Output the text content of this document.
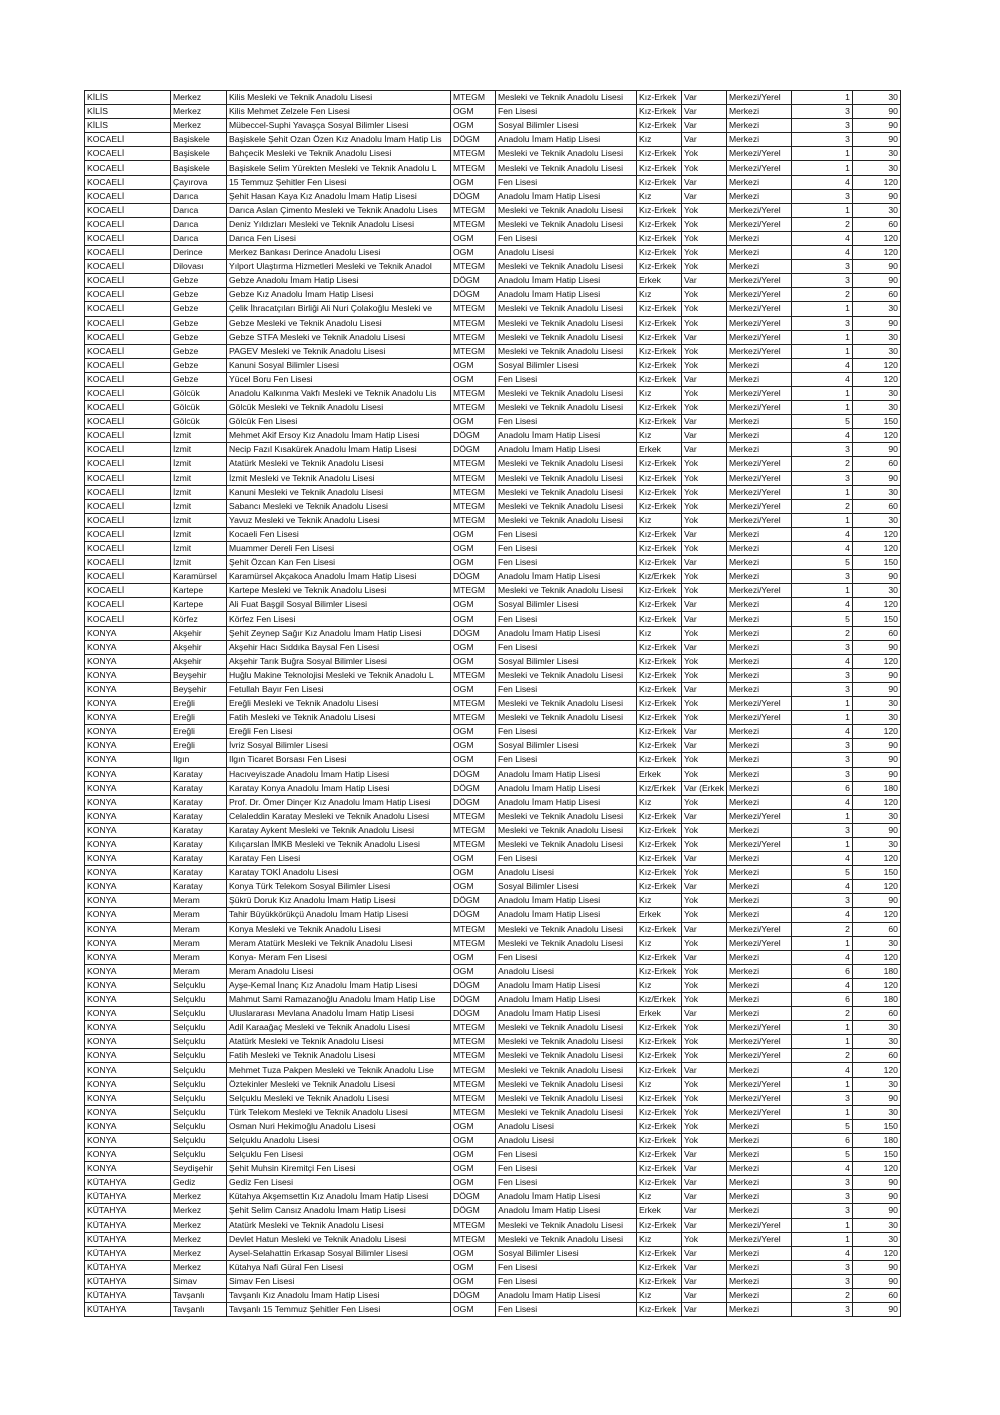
KİLİS	Merkez	Kilis Mesleki ve Teknik Anadolu Lisesi	MTEGM	Mesleki ve Teknik Anadolu Lisesi	Kız-Erkek	Var	Merkezi/Yerel	1	30
KİLİS	Merkez	Kilis Mehmet Zelzele Fen Lisesi	OGM	Fen Lisesi	Kız-Erkek	Var	Merkezi	3	90
KİLİS	Merkez	Mübeccel-Suphi Yavaşça Sosyal Bilimler Lisesi	OGM	Sosyal Bilimler Lisesi	Kız-Erkek	Var	Merkezi	3	90
KOCAELİ	Başiskele	Başiskele Şehit Ozan Özen Kız Anadolu İmam Hatip Lis	DÖGM	Anadolu İmam Hatip Lisesi	Kız	Var	Merkezi	3	90
KOCAELİ	Başiskele	Bahçecik Mesleki ve Teknik Anadolu Lisesi	MTEGM	Mesleki ve Teknik Anadolu Lisesi	Kız-Erkek	Yok	Merkezi/Yerel	1	30
KOCAELİ	Başiskele	Başiskele Selim Yürekten Mesleki ve Teknik Anadolu L	MTEGM	Mesleki ve Teknik Anadolu Lisesi	Kız-Erkek	Yok	Merkezi/Yerel	1	30
KOCAELİ	Çayırova	15 Temmuz Şehitler Fen Lisesi	OGM	Fen Lisesi	Kız-Erkek	Var	Merkezi	4	120
KOCAELİ	Darıca	Şehit Hasan Kaya Kız Anadolu İmam Hatip Lisesi	DÖGM	Anadolu İmam Hatip Lisesi	Kız	Var	Merkezi	3	90
KOCAELİ	Darıca	Darıca Aslan Çimento Mesleki ve Teknik Anadolu Lises	MTEGM	Mesleki ve Teknik Anadolu Lisesi	Kız-Erkek	Yok	Merkezi/Yerel	1	30
KOCAELİ	Darıca	Deniz Yıldızları Mesleki ve Teknik Anadolu Lisesi	MTEGM	Mesleki ve Teknik Anadolu Lisesi	Kız-Erkek	Yok	Merkezi/Yerel	2	60
KOCAELİ	Darıca	Darıca Fen Lisesi	OGM	Fen Lisesi	Kız-Erkek	Yok	Merkezi	4	120
KOCAELİ	Derince	Merkez Bankası Derince Anadolu Lisesi	OGM	Anadolu Lisesi	Kız-Erkek	Yok	Merkezi	4	120
KOCAELİ	Dilovası	Yılport Ulaştırma Hizmetleri Mesleki ve Teknik Anadol	MTEGM	Mesleki ve Teknik Anadolu Lisesi	Kız-Erkek	Yok	Merkezi	3	90
KOCAELİ	Gebze	Gebze Anadolu İmam Hatip Lisesi	DÖGM	Anadolu İmam Hatip Lisesi	Erkek	Var	Merkezi/Yerel	3	90
KOCAELİ	Gebze	Gebze Kız Anadolu İmam Hatip Lisesi	DÖGM	Anadolu İmam Hatip Lisesi	Kız	Yok	Merkezi/Yerel	2	60
KOCAELİ	Gebze	Çelik İhracatçıları Birliği Ali Nuri Çolakoğlu Mesleki ve	MTEGM	Mesleki ve Teknik Anadolu Lisesi	Kız-Erkek	Yok	Merkezi/Yerel	1	30
KOCAELİ	Gebze	Gebze Mesleki ve Teknik Anadolu Lisesi	MTEGM	Mesleki ve Teknik Anadolu Lisesi	Kız-Erkek	Yok	Merkezi/Yerel	3	90
KOCAELİ	Gebze	Gebze STFA Mesleki ve Teknik Anadolu Lisesi	MTEGM	Mesleki ve Teknik Anadolu Lisesi	Kız-Erkek	Var	Merkezi/Yerel	1	30
KOCAELİ	Gebze	PAGEV Mesleki ve Teknik Anadolu Lisesi	MTEGM	Mesleki ve Teknik Anadolu Lisesi	Kız-Erkek	Yok	Merkezi/Yerel	1	30
KOCAELİ	Gebze	Kanuni Sosyal Bilimler Lisesi	OGM	Sosyal Bilimler Lisesi	Kız-Erkek	Yok	Merkezi	4	120
KOCAELİ	Gebze	Yücel Boru Fen Lisesi	OGM	Fen Lisesi	Kız-Erkek	Var	Merkezi	4	120
KOCAELİ	Gölcük	Anadolu Kalkınma Vakfı Mesleki ve Teknik Anadolu Lis	MTEGM	Mesleki ve Teknik Anadolu Lisesi	Kız	Yok	Merkezi/Yerel	1	30
KOCAELİ	Gölcük	Gölcük Mesleki ve Teknik Anadolu Lisesi	MTEGM	Mesleki ve Teknik Anadolu Lisesi	Kız-Erkek	Yok	Merkezi/Yerel	1	30
KOCAELİ	Gölcük	Gölcük Fen Lisesi	OGM	Fen Lisesi	Kız-Erkek	Var	Merkezi	5	150
KOCAELİ	İzmit	Mehmet Akif Ersoy Kız Anadolu İmam Hatip Lisesi	DÖGM	Anadolu İmam Hatip Lisesi	Kız	Var	Merkezi	4	120
KOCAELİ	İzmit	Necip Fazıl Kısakürek Anadolu İmam Hatip Lisesi	DÖGM	Anadolu İmam Hatip Lisesi	Erkek	Var	Merkezi	3	90
KOCAELİ	İzmit	Atatürk Mesleki ve Teknik Anadolu Lisesi	MTEGM	Mesleki ve Teknik Anadolu Lisesi	Kız-Erkek	Yok	Merkezi/Yerel	2	60
KOCAELİ	İzmit	İzmit Mesleki ve Teknik Anadolu Lisesi	MTEGM	Mesleki ve Teknik Anadolu Lisesi	Kız-Erkek	Yok	Merkezi/Yerel	3	90
KOCAELİ	İzmit	Kanuni Mesleki ve Teknik Anadolu Lisesi	MTEGM	Mesleki ve Teknik Anadolu Lisesi	Kız-Erkek	Yok	Merkezi/Yerel	1	30
KOCAELİ	İzmit	Sabancı Mesleki ve Teknik Anadolu Lisesi	MTEGM	Mesleki ve Teknik Anadolu Lisesi	Kız-Erkek	Yok	Merkezi/Yerel	2	60
KOCAELİ	İzmit	Yavuz Mesleki ve Teknik Anadolu Lisesi	MTEGM	Mesleki ve Teknik Anadolu Lisesi	Kız	Yok	Merkezi/Yerel	1	30
KOCAELİ	İzmit	Kocaeli Fen Lisesi	OGM	Fen Lisesi	Kız-Erkek	Var	Merkezi	4	120
KOCAELİ	İzmit	Muammer Dereli Fen Lisesi	OGM	Fen Lisesi	Kız-Erkek	Yok	Merkezi	4	120
KOCAELİ	İzmit	Şehit Özcan Kan Fen Lisesi	OGM	Fen Lisesi	Kız-Erkek	Var	Merkezi	5	150
KOCAELİ	Karamürsel	Karamürsel Akçakoca Anadolu İmam Hatip Lisesi	DÖGM	Anadolu İmam Hatip Lisesi	Kız/Erkek	Yok	Merkezi	3	90
KOCAELİ	Kartepe	Kartepe Mesleki ve Teknik Anadolu Lisesi	MTEGM	Mesleki ve Teknik Anadolu Lisesi	Kız-Erkek	Yok	Merkezi/Yerel	1	30
KOCAELİ	Kartepe	Ali Fuat Başgil Sosyal Bilimler Lisesi	OGM	Sosyal Bilimler Lisesi	Kız-Erkek	Var	Merkezi	4	120
KOCAELİ	Körfez	Körfez Fen Lisesi	OGM	Fen Lisesi	Kız-Erkek	Var	Merkezi	5	150
KONYA	Akşehir	Şehit Zeynep Sağır Kız Anadolu İmam Hatip Lisesi	DÖGM	Anadolu İmam Hatip Lisesi	Kız	Yok	Merkezi	2	60
KONYA	Akşehir	Akşehir Hacı Sıddıka Baysal Fen Lisesi	OGM	Fen Lisesi	Kız-Erkek	Var	Merkezi	3	90
KONYA	Akşehir	Akşehir Tarık Buğra Sosyal Bilimler Lisesi	OGM	Sosyal Bilimler Lisesi	Kız-Erkek	Yok	Merkezi	4	120
KONYA	Beyşehir	Huğlu Makine Teknolojisi Mesleki ve Teknik Anadolu L	MTEGM	Mesleki ve Teknik Anadolu Lisesi	Kız-Erkek	Yok	Merkezi	3	90
KONYA	Beyşehir	Fetullah Bayır Fen Lisesi	OGM	Fen Lisesi	Kız-Erkek	Var	Merkezi	3	90
KONYA	Ereğli	Ereğli Mesleki ve Teknik Anadolu Lisesi	MTEGM	Mesleki ve Teknik Anadolu Lisesi	Kız-Erkek	Yok	Merkezi/Yerel	1	30
KONYA	Ereğli	Fatih Mesleki ve Teknik Anadolu Lisesi	MTEGM	Mesleki ve Teknik Anadolu Lisesi	Kız-Erkek	Yok	Merkezi/Yerel	1	30
KONYA	Ereğli	Ereğli Fen Lisesi	OGM	Fen Lisesi	Kız-Erkek	Var	Merkezi	4	120
KONYA	Ereğli	İvriz Sosyal Bilimler Lisesi	OGM	Sosyal Bilimler Lisesi	Kız-Erkek	Var	Merkezi	3	90
KONYA	Ilgın	Ilgın Ticaret Borsası Fen Lisesi	OGM	Fen Lisesi	Kız-Erkek	Yok	Merkezi	3	90
KONYA	Karatay	Hacıveyiszade Anadolu İmam Hatip Lisesi	DÖGM	Anadolu İmam Hatip Lisesi	Erkek	Yok	Merkezi	3	90
KONYA	Karatay	Karatay Konya Anadolu İmam Hatip Lisesi	DÖGM	Anadolu İmam Hatip Lisesi	Kız/Erkek	Var (Erkek	Merkezi	6	180
KONYA	Karatay	Prof. Dr. Ömer Dinçer Kız Anadolu İmam Hatip Lisesi	DÖGM	Anadolu İmam Hatip Lisesi	Kız	Yok	Merkezi	4	120
KONYA	Karatay	Celaleddin Karatay Mesleki ve Teknik Anadolu Lisesi	MTEGM	Mesleki ve Teknik Anadolu Lisesi	Kız-Erkek	Var	Merkezi/Yerel	1	30
KONYA	Karatay	Karatay Aykent Mesleki ve Teknik Anadolu Lisesi	MTEGM	Mesleki ve Teknik Anadolu Lisesi	Kız-Erkek	Yok	Merkezi	3	90
KONYA	Karatay	Kılıçarslan İMKB Mesleki ve Teknik Anadolu Lisesi	MTEGM	Mesleki ve Teknik Anadolu Lisesi	Kız-Erkek	Yok	Merkezi/Yerel	1	30
KONYA	Karatay	Karatay Fen Lisesi	OGM	Fen Lisesi	Kız-Erkek	Var	Merkezi	4	120
KONYA	Karatay	Karatay TOKİ Anadolu Lisesi	OGM	Anadolu Lisesi	Kız-Erkek	Yok	Merkezi	5	150
KONYA	Karatay	Konya Türk Telekom Sosyal Bilimler Lisesi	OGM	Sosyal Bilimler Lisesi	Kız-Erkek	Var	Merkezi	4	120
KONYA	Meram	Şükrü Doruk Kız Anadolu İmam Hatip Lisesi	DÖGM	Anadolu İmam Hatip Lisesi	Kız	Yok	Merkezi	3	90
KONYA	Meram	Tahir Büyükkörükçü Anadolu İmam Hatip Lisesi	DÖGM	Anadolu İmam Hatip Lisesi	Erkek	Yok	Merkezi	4	120
KONYA	Meram	Konya Mesleki ve Teknik Anadolu Lisesi	MTEGM	Mesleki ve Teknik Anadolu Lisesi	Kız-Erkek	Var	Merkezi/Yerel	2	60
KONYA	Meram	Meram Atatürk Mesleki ve Teknik Anadolu Lisesi	MTEGM	Mesleki ve Teknik Anadolu Lisesi	Kız	Yok	Merkezi/Yerel	1	30
KONYA	Meram	Konya- Meram Fen Lisesi	OGM	Fen Lisesi	Kız-Erkek	Var	Merkezi	4	120
KONYA	Meram	Meram Anadolu Lisesi	OGM	Anadolu Lisesi	Kız-Erkek	Yok	Merkezi	6	180
KONYA	Selçuklu	Ayşe-Kemal İnanç Kız Anadolu İmam Hatip Lisesi	DÖGM	Anadolu İmam Hatip Lisesi	Kız	Yok	Merkezi	4	120
KONYA	Selçuklu	Mahmut Sami Ramazanoğlu Anadolu İmam Hatip Lise	DÖGM	Anadolu İmam Hatip Lisesi	Kız/Erkek	Yok	Merkezi	6	180
KONYA	Selçuklu	Uluslararası Mevlana Anadolu İmam Hatip Lisesi	DÖGM	Anadolu İmam Hatip Lisesi	Erkek	Var	Merkezi	2	60
KONYA	Selçuklu	Adil Karaağaç Mesleki ve Teknik Anadolu Lisesi	MTEGM	Mesleki ve Teknik Anadolu Lisesi	Kız-Erkek	Yok	Merkezi/Yerel	1	30
KONYA	Selçuklu	Atatürk Mesleki ve Teknik Anadolu Lisesi	MTEGM	Mesleki ve Teknik Anadolu Lisesi	Kız-Erkek	Yok	Merkezi/Yerel	1	30
KONYA	Selçuklu	Fatih Mesleki ve Teknik Anadolu Lisesi	MTEGM	Mesleki ve Teknik Anadolu Lisesi	Kız-Erkek	Yok	Merkezi/Yerel	2	60
KONYA	Selçuklu	Mehmet Tuza Pakpen Mesleki ve Teknik Anadolu Lise	MTEGM	Mesleki ve Teknik Anadolu Lisesi	Kız-Erkek	Var	Merkezi	4	120
KONYA	Selçuklu	Öztekinler Mesleki ve Teknik Anadolu Lisesi	MTEGM	Mesleki ve Teknik Anadolu Lisesi	Kız	Yok	Merkezi/Yerel	1	30
KONYA	Selçuklu	Selçuklu Mesleki ve Teknik Anadolu Lisesi	MTEGM	Mesleki ve Teknik Anadolu Lisesi	Kız-Erkek	Yok	Merkezi/Yerel	3	90
KONYA	Selçuklu	Türk Telekom Mesleki ve Teknik Anadolu Lisesi	MTEGM	Mesleki ve Teknik Anadolu Lisesi	Kız-Erkek	Yok	Merkezi/Yerel	1	30
KONYA	Selçuklu	Osman Nuri Hekimoğlu Anadolu Lisesi	OGM	Anadolu Lisesi	Kız-Erkek	Yok	Merkezi	5	150
KONYA	Selçuklu	Selçuklu Anadolu Lisesi	OGM	Anadolu Lisesi	Kız-Erkek	Yok	Merkezi	6	180
KONYA	Selçuklu	Selçuklu Fen Lisesi	OGM	Fen Lisesi	Kız-Erkek	Var	Merkezi	5	150
KONYA	Seydişehir	Şehit Muhsin Kiremitçi Fen Lisesi	OGM	Fen Lisesi	Kız-Erkek	Var	Merkezi	4	120
KÜTAHYA	Gediz	Gediz Fen Lisesi	OGM	Fen Lisesi	Kız-Erkek	Var	Merkezi	3	90
KÜTAHYA	Merkez	Kütahya Akşemsettin Kız Anadolu İmam Hatip Lisesi	DÖGM	Anadolu İmam Hatip Lisesi	Kız	Var	Merkezi	3	90
KÜTAHYA	Merkez	Şehit Selim Cansız Anadolu İmam Hatip Lisesi	DÖGM	Anadolu İmam Hatip Lisesi	Erkek	Var	Merkezi	3	90
KÜTAHYA	Merkez	Atatürk Mesleki ve Teknik Anadolu Lisesi	MTEGM	Mesleki ve Teknik Anadolu Lisesi	Kız-Erkek	Var	Merkezi/Yerel	1	30
KÜTAHYA	Merkez	Devlet Hatun Mesleki ve Teknik Anadolu Lisesi	MTEGM	Mesleki ve Teknik Anadolu Lisesi	Kız	Yok	Merkezi/Yerel	1	30
KÜTAHYA	Merkez	Aysel-Selahattin Erkasap Sosyal Bilimler Lisesi	OGM	Sosyal Bilimler Lisesi	Kız-Erkek	Var	Merkezi	4	120
KÜTAHYA	Merkez	Kütahya Nafi Güral Fen Lisesi	OGM	Fen Lisesi	Kız-Erkek	Var	Merkezi	3	90
KÜTAHYA	Simav	Simav Fen Lisesi	OGM	Fen Lisesi	Kız-Erkek	Var	Merkezi	3	90
KÜTAHYA	Tavşanlı	Tavşanlı Kız Anadolu İmam Hatip Lisesi	DÖGM	Anadolu İmam Hatip Lisesi	Kız	Var	Merkezi	2	60
KÜTAHYA	Tavşanlı	Tavşanlı 15 Temmuz Şehitler Fen Lisesi	OGM	Fen Lisesi	Kız-Erkek	Var	Merkezi	3	90
